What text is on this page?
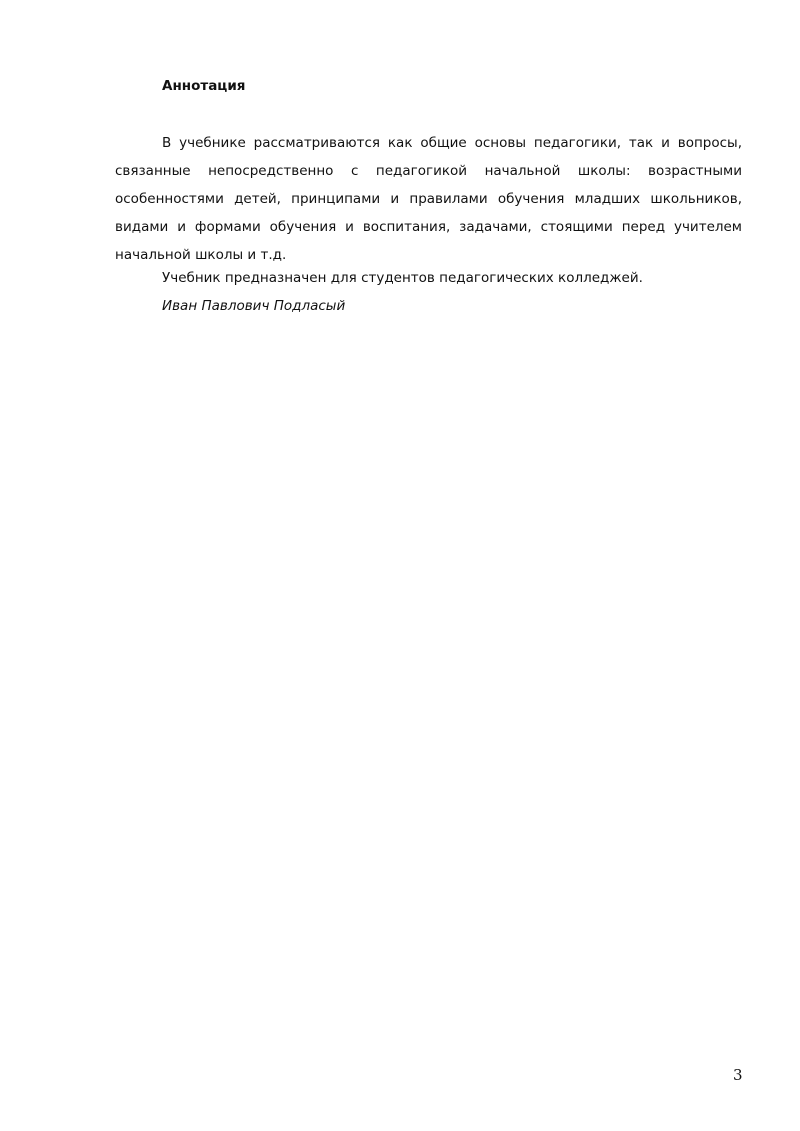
Аннотация

В учебнике рассматриваются как общие основы педагогики, так и вопросы, связанные непосредственно с педагогикой начальной школы: возрастными особенностями детей, принципами и правилами обучения младших школьников, видами и формами обучения и воспитания, задачами, стоящими перед учителем начальной школы и т.д.

Учебник предназначен для студентов педагогических колледжей.

Иван Павлович Подласый

3
